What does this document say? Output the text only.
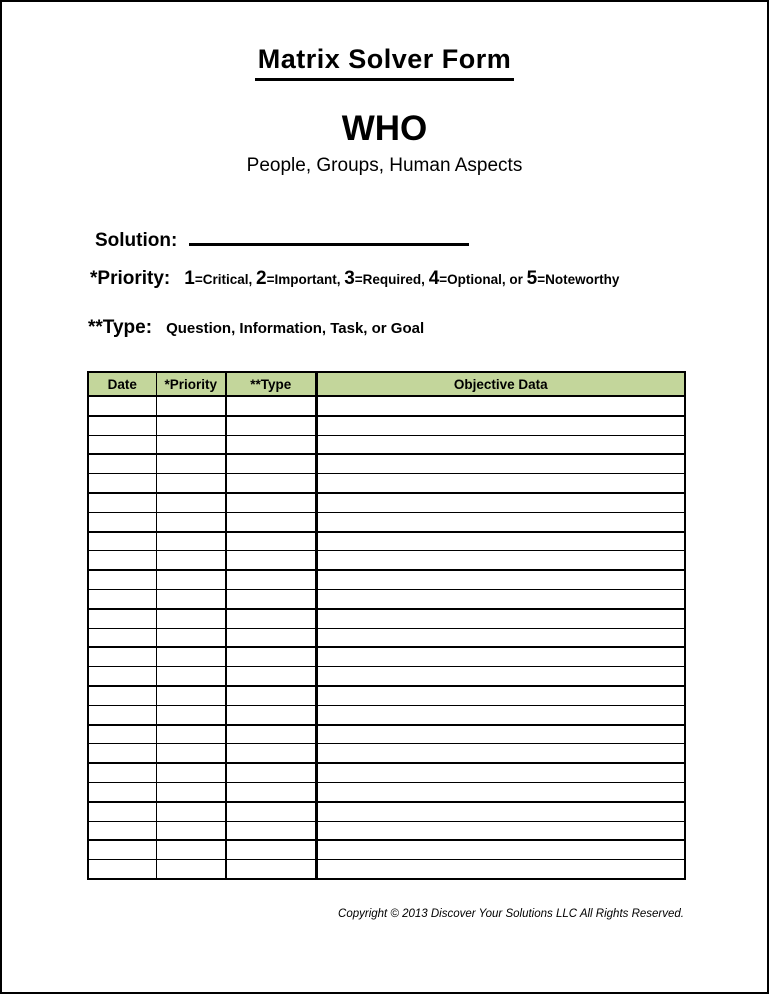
Matrix Solver Form
WHO
People, Groups, Human Aspects
Solution:
*Priority: 1=Critical, 2=Important, 3=Required, 4=Optional, or 5=Noteworthy
**Type: Question, Information, Task, or Goal
Date	*Priority	**Type	Objective Data

Copyright © 2013 Discover Your Solutions LLC All Rights Reserved.
